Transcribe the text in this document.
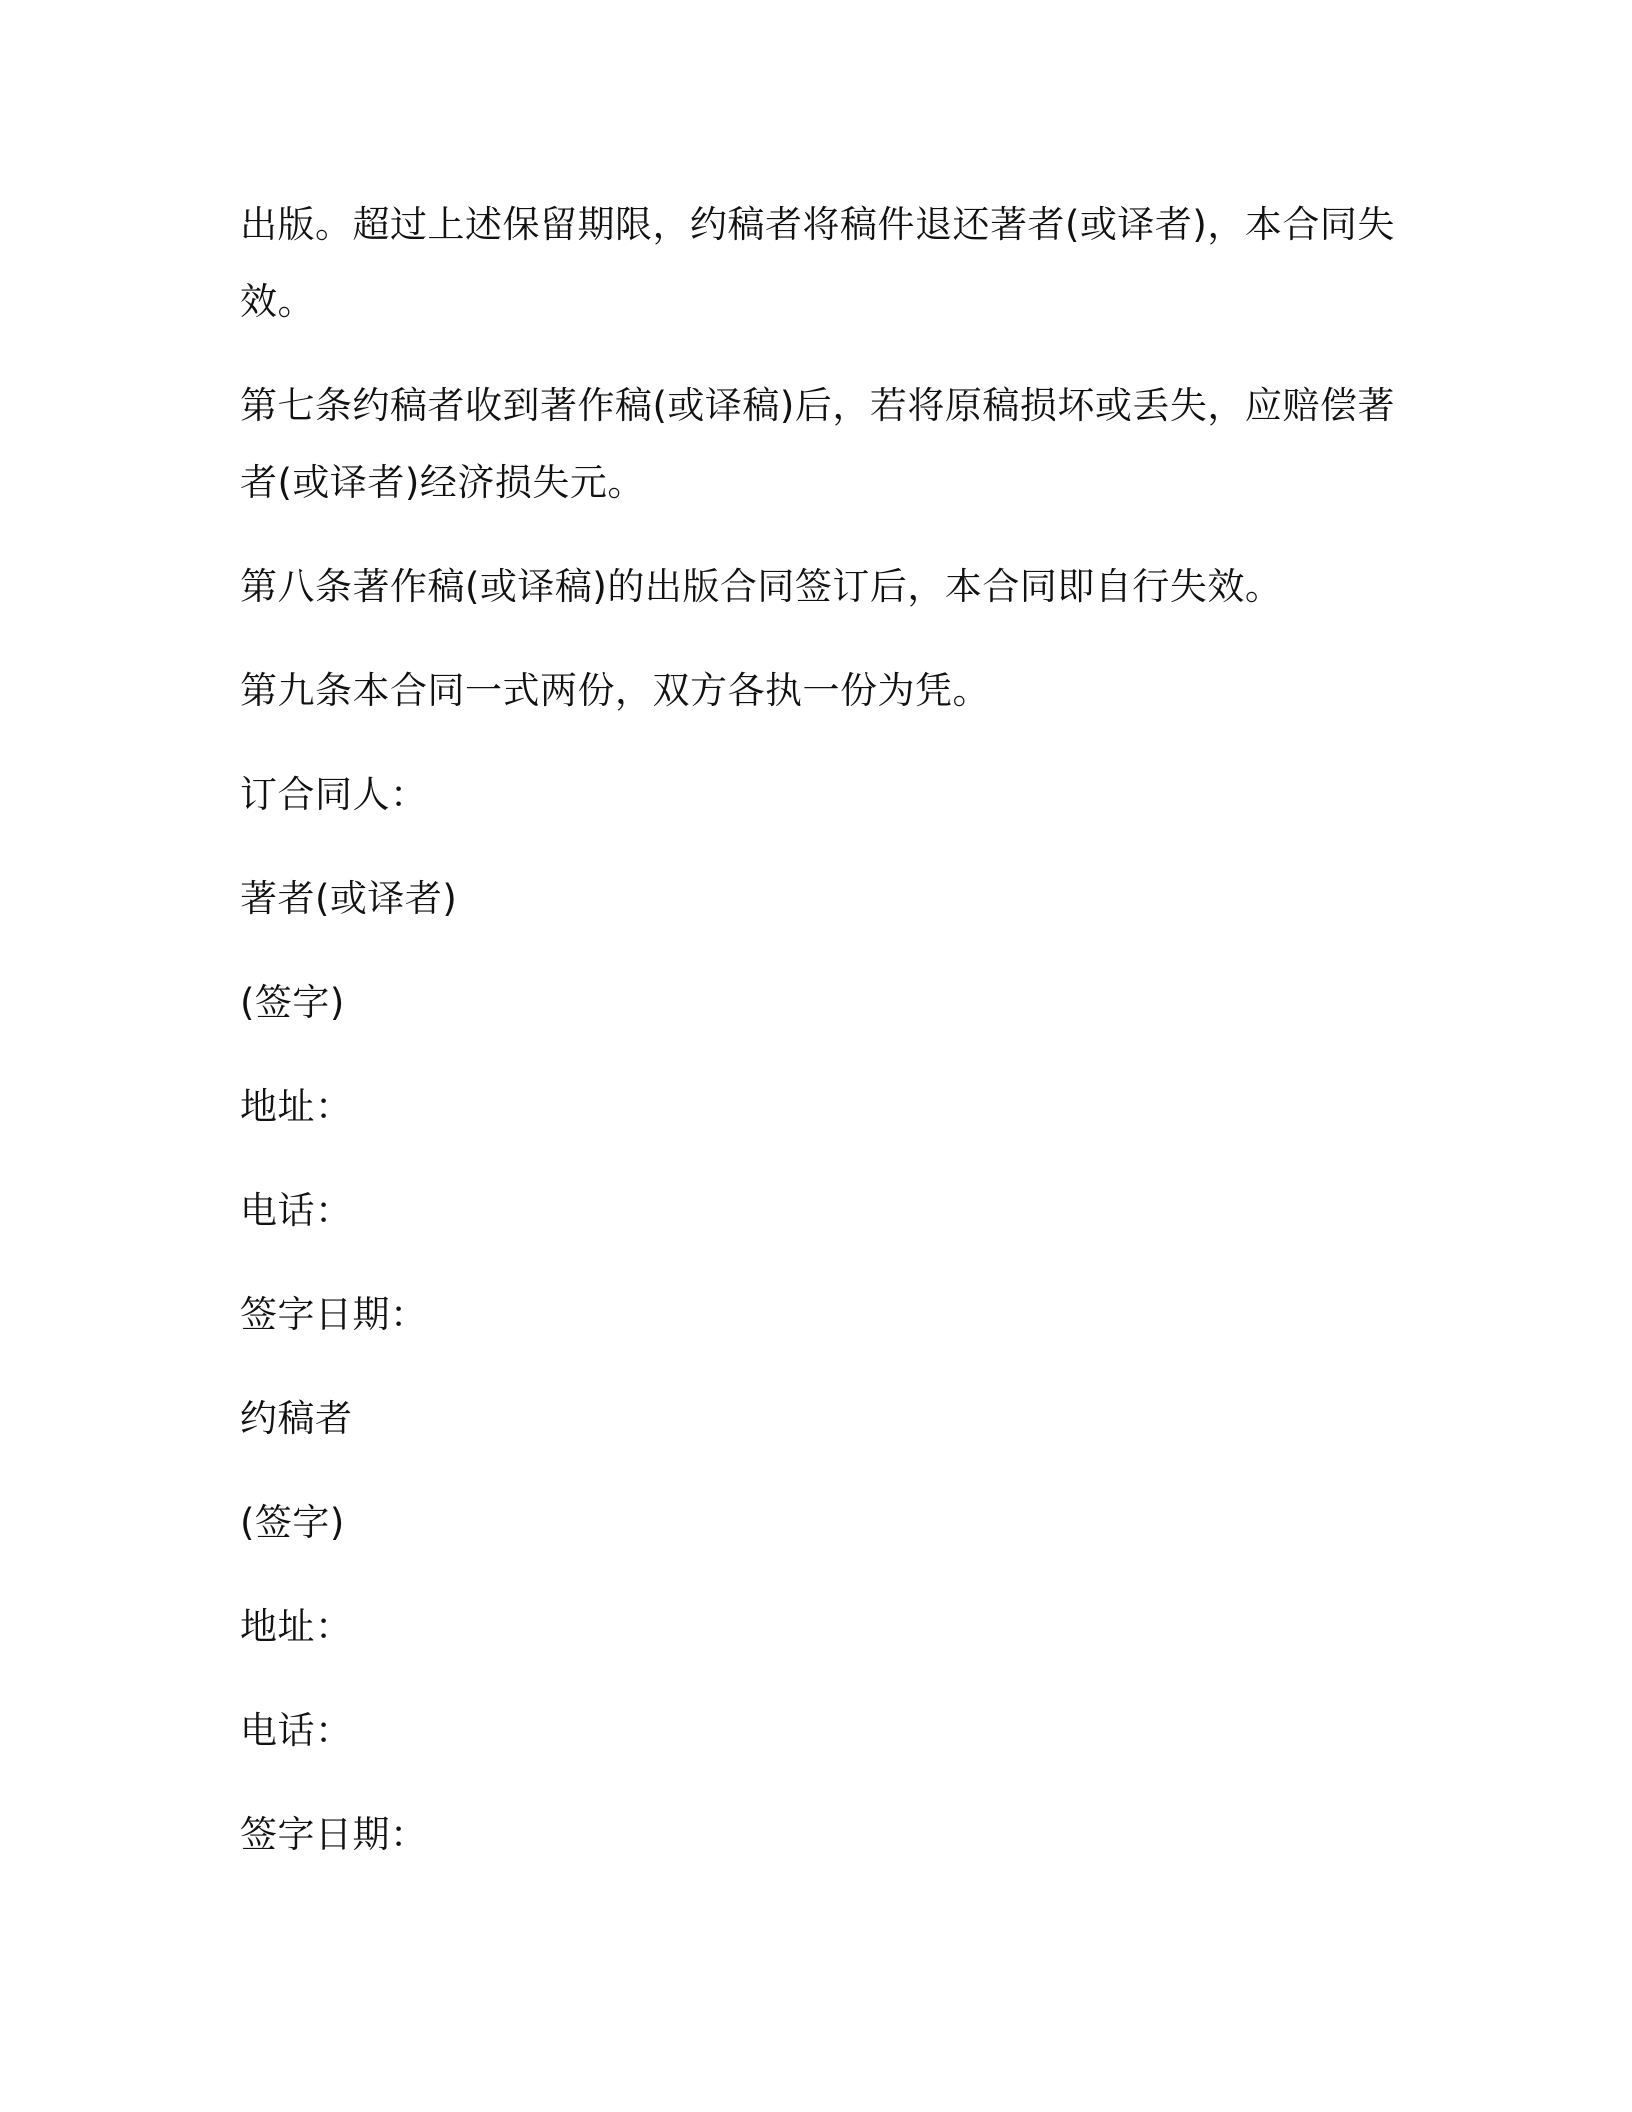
出版。超过上述保留期限，约稿者将稿件退还著者(或译者)，本合同失效。

第七条约稿者收到著作稿(或译稿)后，若将原稿损坏或丢失，应赔偿著者(或译者)经济损失元。

第八条著作稿(或译稿)的出版合同签订后，本合同即自行失效。

第九条本合同一式两份，双方各执一份为凭。

订合同人：

著者(或译者)

(签字)

地址：

电话：

签字日期：

约稿者

(签字)

地址：

电话：

签字日期：
